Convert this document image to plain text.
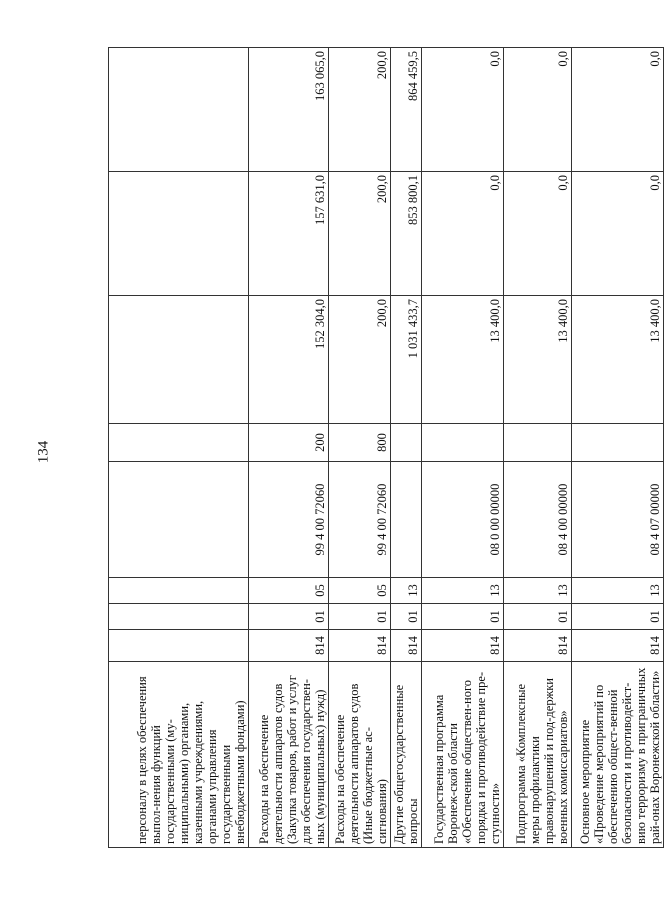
134
персоналу в целях обеспечения выпол-нения функций государственными (му-ниципальными) органами, казенными учреждениями, органами управления государственными внебюджетными фондами)								
Расходы на обеспечение деятельности аппаратов судов (Закупка товаров, работ и услуг для обеспечения государствен-ных (муниципальных) нужд)	814	01	05	99 4 00 72060	200	152 304,0	157 631,0	163 065,0
Расходы на обеспечение деятельности аппаратов судов (Иные бюджетные ас-сигнования)	814	01	05	99 4 00 72060	800	200,0	200,0	200,0
Другие общегосударственные вопросы	814	01	13			1 031 433,7	853 800,1	864 459,5
Государственная программа Воронеж-ской области «Обеспечение обществен-ного порядка и противодействие пре-ступности»	814	01	13	08 0 00 00000		13 400,0	0,0	0,0
Подпрограмма «Комплексные меры профилактики правонарушений и под-держки военных комиссариатов»	814	01	13	08 4 00 00000		13 400,0	0,0	0,0
Основное мероприятие «Проведение мероприятий по обеспечению общест-венной безопасности и противодейст-вию терроризму в приграничных рай-онах Воронежской области»	814	01	13	08 4 07 00000		13 400,0	0,0	0,0
